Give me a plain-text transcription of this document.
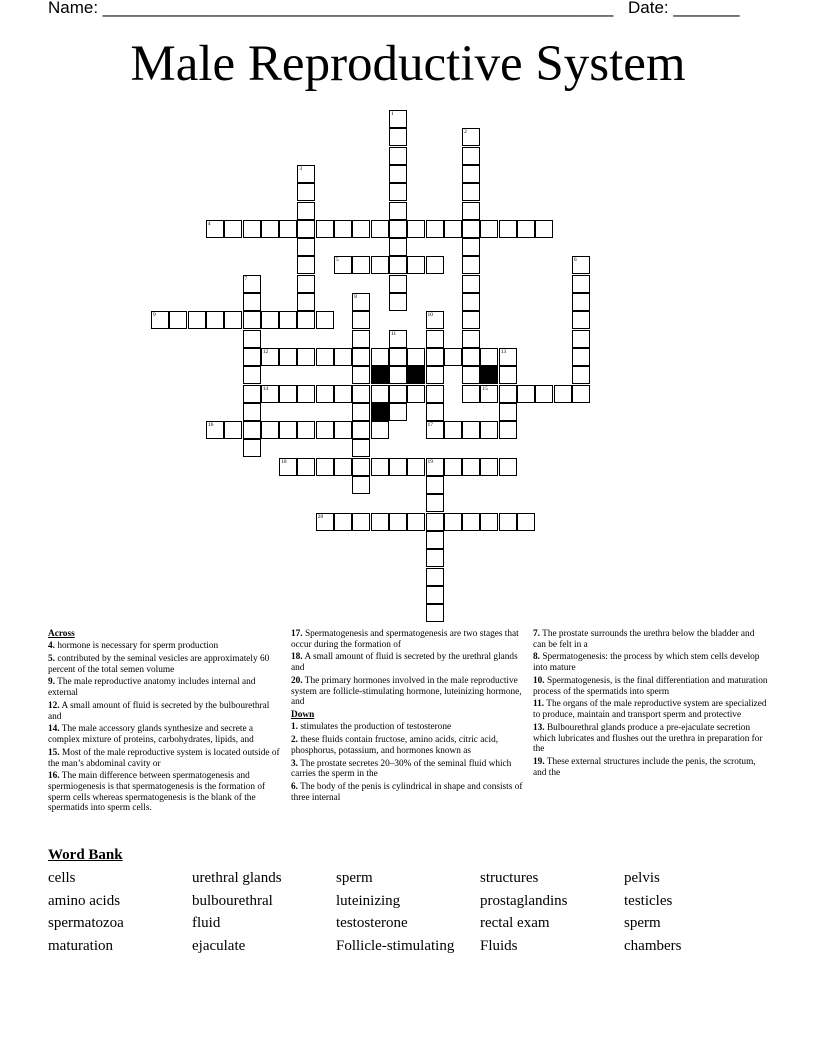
Name: ______________________________________________________ Date: _______
Male Reproductive System
1
2
3
4
5	6
7
8
9	10
11
12	13
14	15
16	17
18	19
20
Across
4. hormone is necessary for sperm production
5. contributed by the seminal vesicles are approximately 60 percent of the total semen volume
9. The male reproductive anatomy includes internal and external
12. A small amount of fluid is secreted by the bulbourethral and
14. The male accessory glands synthesize and secrete a complex mixture of proteins, carbohydrates, lipids, and
15. Most of the male reproductive system is located outside of the man’s abdominal cavity or
16. The main difference between spermatogenesis and spermiogenesis is that spermatogenesis is the formation of sperm cells whereas spermatogenesis is the blank of the spermatids into sperm cells.
17. Spermatogenesis and spermatogenesis are two stages that occur during the formation of
18. A small amount of fluid is secreted by the urethral glands and
20. The primary hormones involved in the male reproductive system are follicle-stimulating hormone, luteinizing hormone, and
Down
1. stimulates the production of testosterone
2. these fluids contain fructose, amino acids, citric acid, phosphorus, potassium, and hormones known as
3. The prostate secretes 20–30% of the seminal fluid which carries the sperm in the
6. The body of the penis is cylindrical in shape and consists of three internal
7. The prostate surrounds the urethra below the bladder and can be felt in a
8. Spermatogenesis: the process by which stem cells develop into mature
10. Spermatogenesis, is the final differentiation and maturation process of the spermatids into sperm
11. The organs of the male reproductive system are specialized to produce, maintain and transport sperm and protective
13. Bulbourethral glands produce a pre-ejaculate secretion which lubricates and flushes out the urethra in preparation for the
19. These external structures include the penis, the scrotum, and the
Word Bank
cells	urethral glands	sperm	structures	pelvis
amino acids	bulbourethral	luteinizing	prostaglandins	testicles
spermatozoa	fluid	testosterone	rectal exam	sperm
maturation	ejaculate	Follicle-stimulating	Fluids	chambers
